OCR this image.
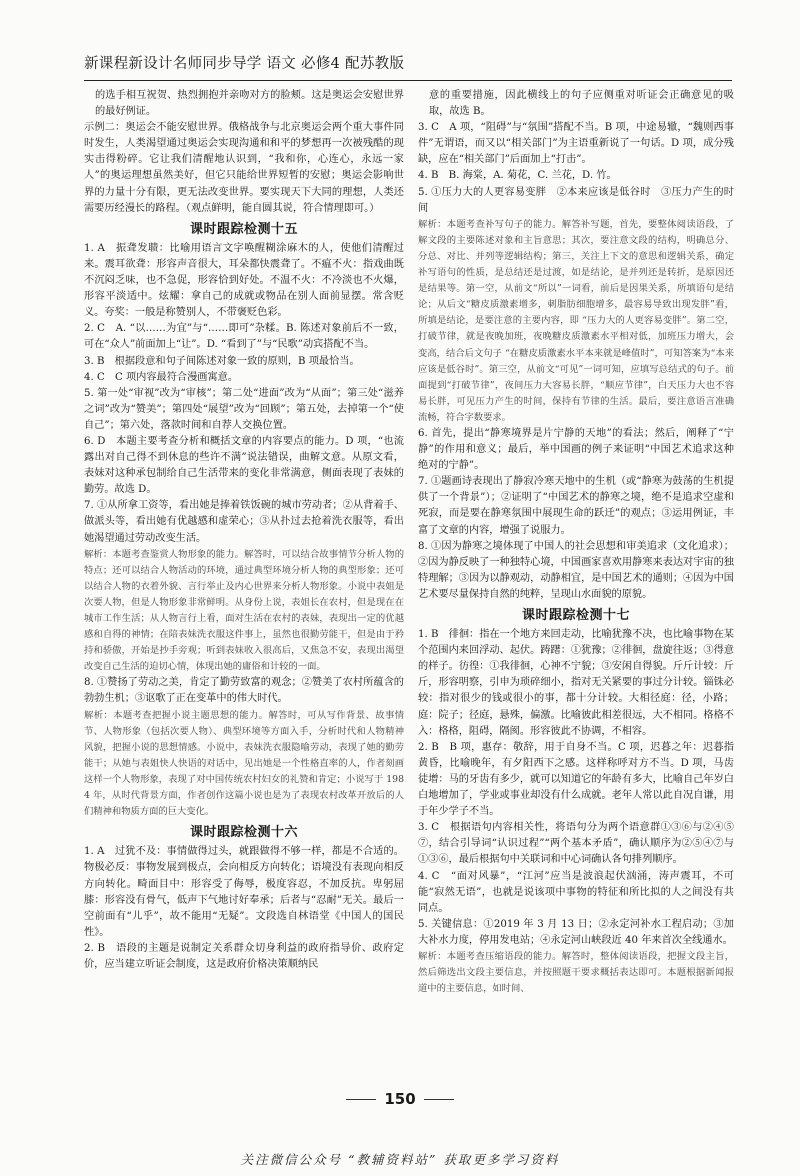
新课程新设计名师同步导学 语文 必修4 配苏教版

的选手相互祝贺、热烈拥抱并亲吻对方的脸颊。这是奥运会安慰世界的最好例证。

示例二：奥运会不能安慰世界。俄格战争与北京奥运会两个重大事件同时发生，人类渴望通过奥运会实现沟通和和平的梦想再一次被残酷的现实击得粉碎。它让我们清醒地认识到，“我和你，心连心，永远一家人”的奥运理想虽然美好，但它只能给世界短暂的安慰；奥运会影响世界的力量十分有限，更无法改变世界。要实现天下大同的理想，人类还需要历经漫长的路程。（观点鲜明，能自圆其说，符合情理即可。）

课时跟踪检测十五

1. A　振聋发聩：比喻用语言文字唤醒糊涂麻木的人，使他们清醒过来。震耳欲聋：形容声音很大，耳朵都快震聋了。不瘟不火：指戏曲既不沉闷乏味，也不急促，形容恰到好处。不温不火：不冷淡也不火爆，形容平淡适中。炫耀：拿自己的成就或物品在别人面前显摆。常含贬义。夸奖：一般是称赞别人，不带褒贬色彩。

2. C　A. “以……为宜”与“……即可”杂糅。B. 陈述对象前后不一致，可在“众人”前面加上“让”。D. “看到了”与“民歌”动宾搭配不当。

3. B　根据段意和句子间陈述对象一致的原则，B 项最恰当。

4. C　C 项内容最符合漫画寓意。

5. 第一处“审视”改为“审核”；第二处“进面”改为“从面”；第三处“滋养之词”改为“赞美”；第四处“展望”改为“回顾”；第五处，去掉第一个“使自己”；第六处，落款时间和自荐人交换位置。

6. D　本题主要考查分析和概括文章的内容要点的能力。D 项，“也流露出对自己得不到休息的些许不满”说法错误，曲解文意。从原文看，表妹对这种承包制给自己生活带来的变化非常满意，侧面表现了表妹的勤劳。故选 D。

7. ①从所拿工资等，看出她是捧着铁饭碗的城市劳动者；②从背着手、做派头等，看出她有优越感和虚荣心；③从扑过去抢着洗衣服等，看出她渴望通过劳动改变生活。

解析：本题考查鉴赏人物形象的能力。解答时，可以结合故事情节分析人物的特点；还可以结合人物活动的环境，通过典型环境分析人物的典型形象；还可以结合人物的衣着外貌、言行举止及内心世界来分析人物形象。小说中表姐是次要人物，但是人物形象非常鲜明。从身份上说，表姐长在农村，但是现在在城市工作生活；从人物言行上看，面对生活在农村的表妹，表现出一定的优越感和自得的神情；在陪表妹洗衣服这件事上，虽然也很勤劳能干，但是由于矜持和骄傲，开始是抄手旁观；听到表妹收入很高后，又焦急不安，表现出渴望改变自己生活的迫切心情，体现出她的庸俗和计较的一面。

8. ①赞扬了劳动之美，肯定了勤劳致富的观念；②赞美了农村所蕴含的勃勃生机；③讴歌了正在变革中的伟大时代。

解析：本题考查把握小说主题思想的能力。解答时，可从写作背景、故事情节、人物形象（包括次要人物）、典型环境等方面入手，分析时代和人物精神风貌，把握小说的思想情感。小说中，表妹洗衣服隐喻劳动，表现了她的勤劳能干；从她与表姐快人快语的对话中，见出她是一个性格直率的人，作者刻画这样一个人物形象，表现了对中国传统农村妇女的礼赞和肯定；小说写于 1984 年，从时代背景方面，作者创作这篇小说也是为了表现农村改革开放后的人们精神和物质方面的巨大变化。

课时跟踪检测十六

1. A　过犹不及：事情做得过头，就跟做得不够一样，都是不合适的。物极必反：事物发展到极点，会向相反方向转化；语境没有表现向相反方向转化。畸面目中：形容受了侮辱，极度容忍，不加反抗。卑躬屈膝：形容没有骨气，低声下气地讨好奉承；后者与“忍耐”无关。最后一空前面有“儿乎”，故不能用“无疑”。文段选自林语堂《中国人的国民性》。

2. B　语段的主题是说制定关系群众切身利益的政府指导价、政府定价，应当建立听证会制度，这是政府价格决策顺纳民

意的重要措施，因此横线上的句子应侧重对听证会正确意见的吸取，故选 B。

3. C　A 项，“阻碍”与“氛围”搭配不当。B 项，中途易辙，“魏则西事件”无谓语，而又以“相关部门”为主语重新说了一句话。D 项，成分残缺，应在“相关部门”后面加上“打击”。

4. B　B. 海棠，A. 菊花，C. 兰花，D. 竹。

5. ①压力大的人更容易变胖　②本来应该是低谷时　③压力产生的时间

解析：本题考查补写句子的能力。解答补写题，首先，要整体阅读语段，了解文段的主要陈述对象和主旨意思；其次，要注意文段的结构，明确总分、分总、对比、并列等逻辑结构；第三，关注上下文的意思和逻辑关系，确定补写语句的性质，是总结还是过渡，如是结论，是并列还是转折，是原因还是结果等。第一空，从前文“所以”一词看，前后是因果关系，所填语句是结论；从后文“糖皮质激素增多，刺脂肪细胞增多，最容易导致出现发胖”看，所填是结论，是要注意的主要内容，即 “压力大的人更容易变胖”。第二空，打破节律，就是夜晚加班，夜晚糖皮质激素水平相对低，加班压力增大，会变高，结合后文句子 “在糖皮质激素水平本来就是峰值时”，可知答案为“本来应该是低谷时”。第三空，从前文“可见”一词可知，应填写总结式的句子。前面提到“打破节律”，夜间压力大容易长胖，“顺应节律”，白天压力大也不容易长胖，可见压力产生的时间，保持有节律的生活。最后，要注意语言准确流畅，符合字数要求。

6. 首先，提出“静寒境界是片宁静的天地”的看法；然后，阐释了“宁静”的作用和意义；最后，举中国画的例子来证明“中国艺术追求这种绝对的宁静”。

7. ①题画诗表现出了静寂冷寒天地中的生机（或“静寒为鼓荡的生机提供了一个背景”）；②证明了“中国艺术的静寒之境，绝不是追求空虚和死寂，而是要在静寒氛围中展现生命的跃迁”的观点；③运用例证，丰富了文章的内容，增强了说服力。

8. ①因为静寒之境体现了中国人的社会思想和审美追求（文化追求）；②因为静反映了一种独特心境，中国画家喜欢用静寒来表达对宇宙的独特理解；③因为以静观动，动静相宜，是中国艺术的通则；④因为中国艺术要尽量保持自然的纯粹，呈现山水面貌的原貌。

课时跟踪检测十七

1. B　徘徊：指在一个地方来回走动，比喻犹豫不决，也比喻事物在某个范围内来回浮动、起伏。踌躇：①犹豫；②徘徊，盘旋往返；③得意的样子。彷徨：①我徘徊，心神不宁貌；③安闲自得貌。斤斤计较：斤斤，形容明察，引申为琐碎细小，指对无关紧要的事过分计较。锱铢必较：指对很少的钱或很小的事，都十分计较。大相径庭：径，小路；庭：院子；径庭，悬殊，偏激。比喻彼此相差很远，大不相同。格格不入：格格，阻碍，隔阂。形容彼此不协调，不相容。

2. B　B 项，惠存：敬辞，用于自身不当。C 项，迟暮之年：迟暮指黄昏，比喻晚年，有夕阳西下之感。这样称呼对方不当。D 项，马齿徒增：马的牙齿有多少，就可以知道它的年龄有多大，比喻自己年岁白白地增加了，学业或事业却没有什么成就。老年人常以此自况自谦，用于年少学子不当。

3. C　根据语句内容相关性，将语句分为两个语意群①③⑥与②④⑤⑦，结合引导词“认识过程”“两个基本矛盾”，确认顺序为②⑤④⑦与①③⑥，最后根据句中关联词和中心词确认各句排列顺序。

4. C　“面对风暴”，“江河”应当是波浪起伏汹涌，涛声震耳，不可能“寂然无语”，也就是说该项中事物的特征和所比拟的人之间没有共同点。

5. 关键信息：①2019 年 3 月 13 日；②永定河补水工程启动；③加大补水力度，停用发电站；④永定河山峡段近 40 年来首次全线通水。

解析：本题考查压缩语段的能力。解答时，整体阅读语段，把握文段主旨，然后筛选出文段主要信息，并按照题干要求概括表达即可。本题根据新闻报道中的主要信息，如时间、

150
关注微信公众号 “教辅资料站” 获取更多学习资料
